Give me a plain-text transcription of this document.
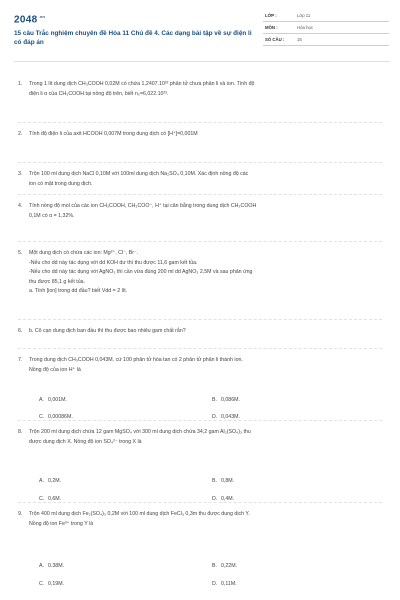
$2048^{.vn}$
15 câu Trắc nghiệm chuyên đề Hóa 11 Chủ đề 4. Các dạng bài tập về sự điện li có đáp án
LỚP :	Lớp 11
MÔN :	Hóa học
SỐ CÂU :	15
1.	Trong 1 lít dung dịch CH₃COOH 0,02M có chứa 1,2407.10²² phân tử chưa phân li và ion. Tính độ

điện li α của CH₃COOH tại nồng độ trên, biết n₀=6,022.10²³.

2.	Tính độ điện li của axit HCOOH 0,007M trong dung dịch có [H⁺]=0,001M

3.	Trộn 100 ml dung dịch NaCl 0,10M với 100ml dung dịch Na₂SO₄ 0,10M. Xác định nồng độ các

ion có mặt trong dung dịch.

4.	Tính nồng độ mol của các ion CH₃COOH, CH₃COO⁻, H⁺ tại cân bằng trong dung dịch CH₃COOH

0,1M có α = 1,32%.

5.	Một dung dịch có chứa các ion: Mg²⁺, Cl⁻, Br⁻.

-Nếu cho dd này tác dụng với dd KOH dư thì thu được 11,6 gam kết tủa.

-Nếu cho dd này tác dụng với AgNO₃ thì cần vừa đúng 200 ml dd AgNO₃ 2,5M và sau phản ứng

thu được 85,1 g kết tủa.

a. Tính [ion] trong dd đầu? biết Vdd = 2 lít.

6.	b. Cô cạn dung dịch ban đầu thì thu được bao nhiêu gam chất rắn?

7.	Trong dung dịch CH₃COOH 0,043M, cứ 100 phân tử hòa tan có 2 phân tử phân li thành ion.

Nồng độ của ion H⁺ là

A. 0,001M.	B. 0,086M.
C. 0,00086M.	D. 0,043M.
8.	Trộn 200 ml dung dịch chứa 12 gam MgSO₄ với 300 ml dung dịch chứa 34,2 gam Al₂(SO₄)₃ thu

được dung dịch X. Nồng độ ion SO₄²⁻ trong X là

A. 0,2M.	B. 0,8M.
C. 0,6M.	D. 0,4M.
9.	Trộn 400 ml dung dịch Fe₂(SO₄)₃ 0,2M với 100 ml dung dịch FeCl₃ 0,3m thu được dung dịch Y.

Nồng độ ion Fe³⁺ trong Y là

A. 0.38M.	B. 0,22M.
C. 0,19M.	D. 0,11M.
